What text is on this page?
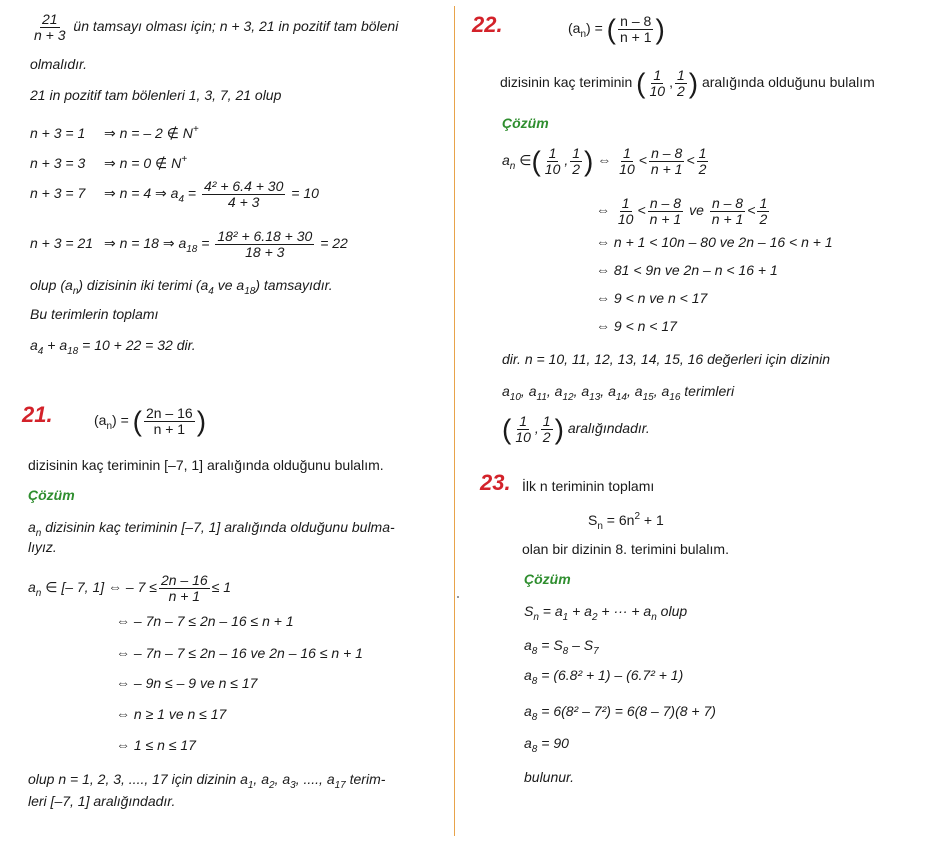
$\frac{21}{n + 3}$ ün tamsayı olması için; n + 3, 21 in pozitif tam böleni
olmalıdır.
21 in pozitif tam bölenleri 1, 3, 7, 21 olup
n + 3 = 1 ⇒ n = – 2 ∉ N+
n + 3 = 3 ⇒ n = 0 ∉ N+
n + 3 = 7 ⇒ n = 4 ⇒ $a_4 = \frac{\text{4² + 6.4 + 30}}{4 + 3} = 10$
n + 3 = 21 ⇒ n = 18 ⇒ $a_{18} = \frac{\text{18² + 6.18 + 30}}{18 + 3} = 22$
olup $(a_n)$ dizisinin iki terimi ($a_4$ ve $a_{18}$) tamsayıdır.
Bu terimlerin toplamı
$a_4 + a_{18} = 10 + 22 = 32$ dir.
21.	$(a_n)$ = ( $\frac{2n - 16}{n + 1}$ )
dizisinin kaç teriminin [–7, 1] aralığında olduğunu bulalım.
Çözüm
$a_n$ dizisinin kaç teriminin [–7, 1] aralığında olduğunu bulma-
lıyız.
$a_n$ ∈ [– 7, 1] ⇔ – $7 \le \frac{2n - 16}{n + 1} \le 1$
⇔ – 7n – 7 ≤ 2n – 16 ≤ n + 1
⇔ – 7n – 7 ≤ 2n – 16 ve 2n – 16 ≤ n + 1
⇔ – 9n ≤ – 9 ve n ≤ 17
⇔ n ≥ 1 ve n ≤ 17
⇔ 1 ≤ n ≤ 17
olup n = 1, 2, 3, ...., 17 için dizinin $a_1$, $a_2$, $a_3$, ...., $a_{17}$ terim-
leri [–7, 1] aralığındadır.
22.	$(a_n)$ = ( $\frac{n - 8}{n + 1}$ )
dizisinin kaç teriminin ( $\frac{1}{10}$ , $\frac{1}{2}$ ) aralığında olduğunu bulalım
Çözüm
$a_n$ ∈( $\frac{1}{10}$ , $\frac{1}{2}$ ) ⇔ $\frac{1}{10} < \frac{n - 8}{n + 1} < \frac{1}{2}$
⇔ $\frac{1}{10} < \frac{n - 8}{n + 1}$ ve $\frac{n - 8}{n + 1} < \frac{1}{2}$
⇔ n + 1 < 10n – 80 ve 2n – 16 < n + 1
⇔ 81 < 9n ve 2n – n < 16 + 1
⇔ 9 < n ve n < 17
⇔ 9 < n < 17
dir. n = 10, 11, 12, 13, 14, 15, 16 değerleri için dizinin
$a_{10}$, $a_{11}$, $a_{12}$, $a_{13}$, $a_{14}$, $a_{15}$, $a_{16}$ terimleri
( $\frac{1}{10}$ , $\frac{1}{2}$ ) aralığındadır.
23. İlk n teriminin toplamı
$S_n = 6n^2 + 1$
olan bir dizinin 8. terimini bulalım.
Çözüm
$S_n = a_1 + a_2$ + ··· + $a_n$ olup
$a_8 = S_8 - S_7$
$a_8 = (6.8^2 + 1) - (6.7^2 + 1)$
$a_8 = 6(8^2 - 7^2) = 6(8 - 7)(8 + 7)$
$a_8 = 90$
bulunur.
